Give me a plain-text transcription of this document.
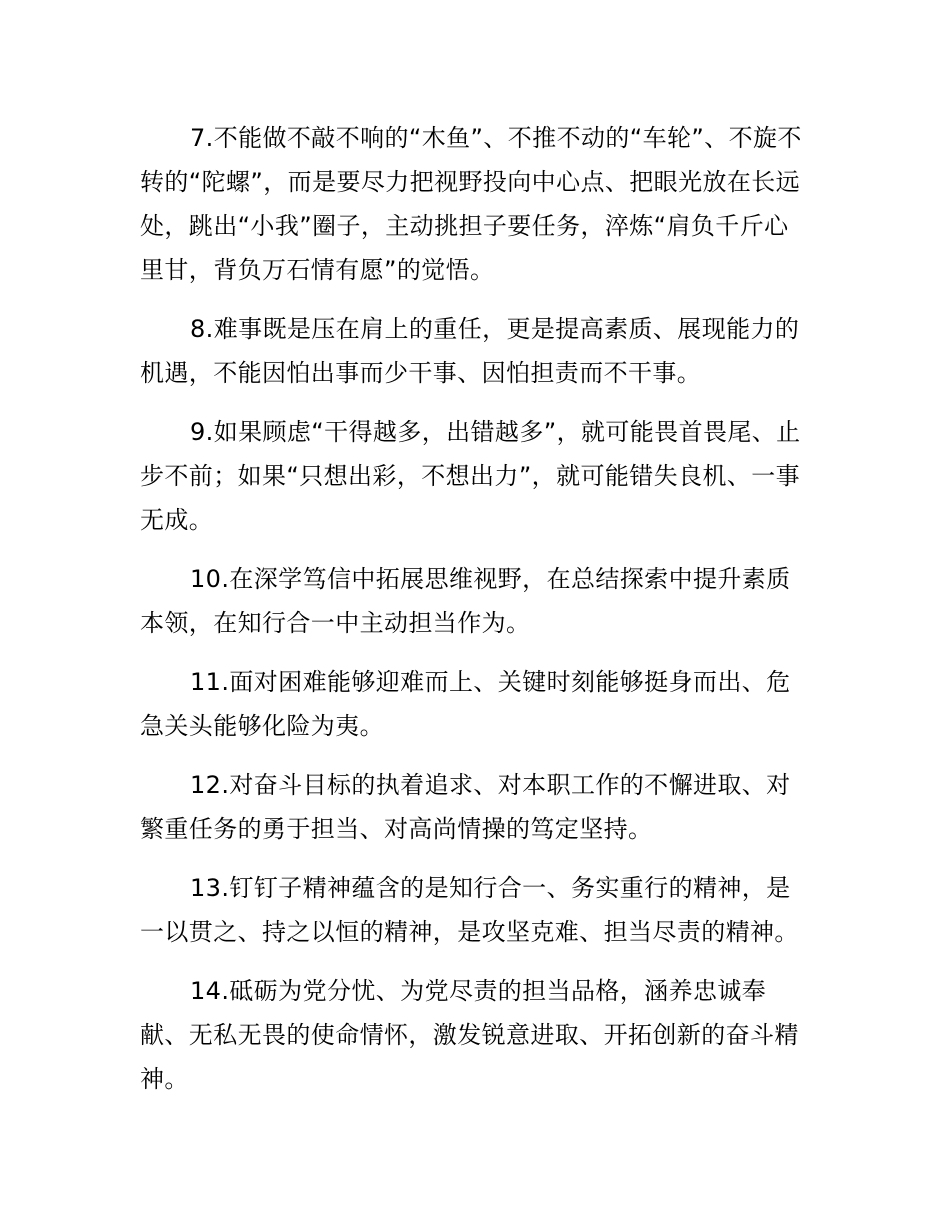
7.不能做不敲不响的“木鱼”、不推不动的“车轮”、不旋不转的“陀螺”，而是要尽力把视野投向中心点、把眼光放在长远处，跳出“小我”圈子，主动挑担子要任务，淬炼“肩负千斤心里甘，背负万石情有愿”的觉悟。

8.难事既是压在肩上的重任，更是提高素质、展现能力的机遇，不能因怕出事而少干事、因怕担责而不干事。

9.如果顾虑“干得越多，出错越多”，就可能畏首畏尾、止步不前；如果“只想出彩，不想出力”，就可能错失良机、一事无成。

10.在深学笃信中拓展思维视野，在总结探索中提升素质本领，在知行合一中主动担当作为。

11.面对困难能够迎难而上、关键时刻能够挺身而出、危急关头能够化险为夷。

12.对奋斗目标的执着追求、对本职工作的不懈进取、对繁重任务的勇于担当、对高尚情操的笃定坚持。

13.钉钉子精神蕴含的是知行合一、务实重行的精神，是一以贯之、持之以恒的精神，是攻坚克难、担当尽责的精神。

14.砥砺为党分忧、为党尽责的担当品格，涵养忠诚奉献、无私无畏的使命情怀，激发锐意进取、开拓创新的奋斗精神。
